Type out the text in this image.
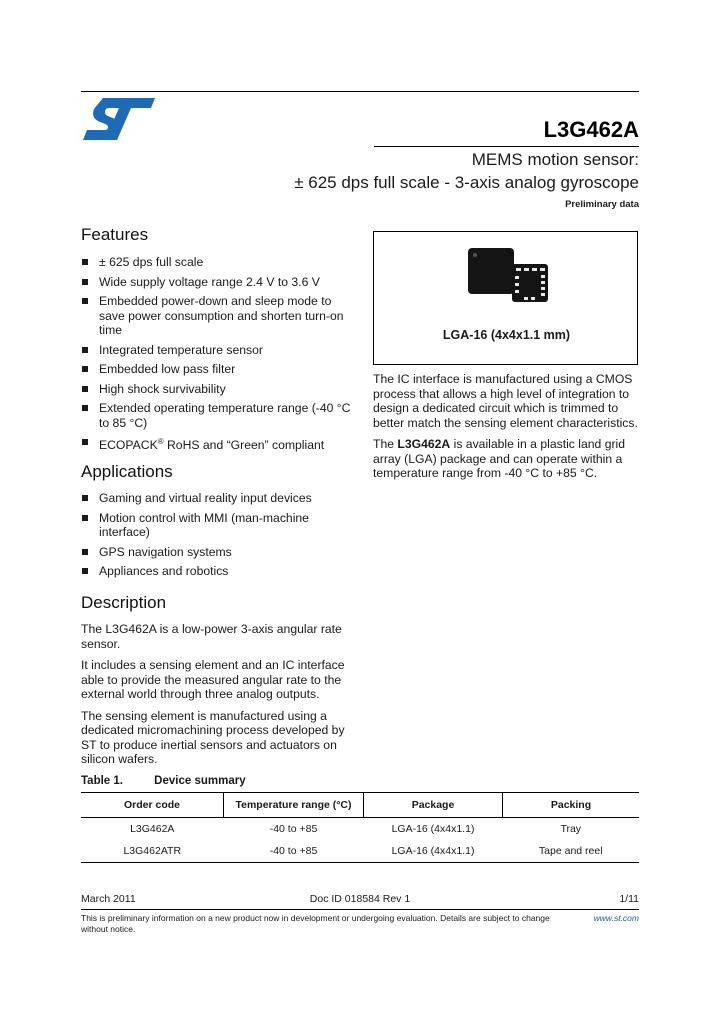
L3G462A
MEMS motion sensor:
± 625 dps full scale - 3-axis analog gyroscope
Preliminary data
Features
± 625 dps full scale
Wide supply voltage range 2.4 V to 3.6 V
Embedded power-down and sleep mode to save power consumption and shorten turn-on time
Integrated temperature sensor
Embedded low pass filter
High shock survivability
Extended operating temperature range (-40 °C to 85 °C)
ECOPACK® RoHS and “Green” compliant
Applications
Gaming and virtual reality input devices
Motion control with MMI (man-machine interface)
GPS navigation systems
Appliances and robotics
Description

The L3G462A is a low-power 3-axis angular rate sensor.

It includes a sensing element and an IC interface able to provide the measured angular rate to the external world through three analog outputs.

The sensing element is manufactured using a dedicated micromachining process developed by ST to produce inertial sensors and actuators on silicon wafers.

LGA-16 (4x4x1.1 mm)

The IC interface is manufactured using a CMOS process that allows a high level of integration to design a dedicated circuit which is trimmed to better match the sensing element characteristics.

The L3G462A is available in a plastic land grid array (LGA) package and can operate within a temperature range from -40 °C to +85 °C.

Table 1.	Device summary
Order code	Temperature range (°C)	Package	Packing
L3G462A	-40 to +85	LGA-16 (4x4x1.1)	Tray
L3G462ATR	-40 to +85	LGA-16 (4x4x1.1)	Tape and reel
March 2011	Doc ID 018584 Rev 1	1/11
This is preliminary information on a new product now in development or undergoing evaluation. Details are subject to change without notice.
www.st.com
